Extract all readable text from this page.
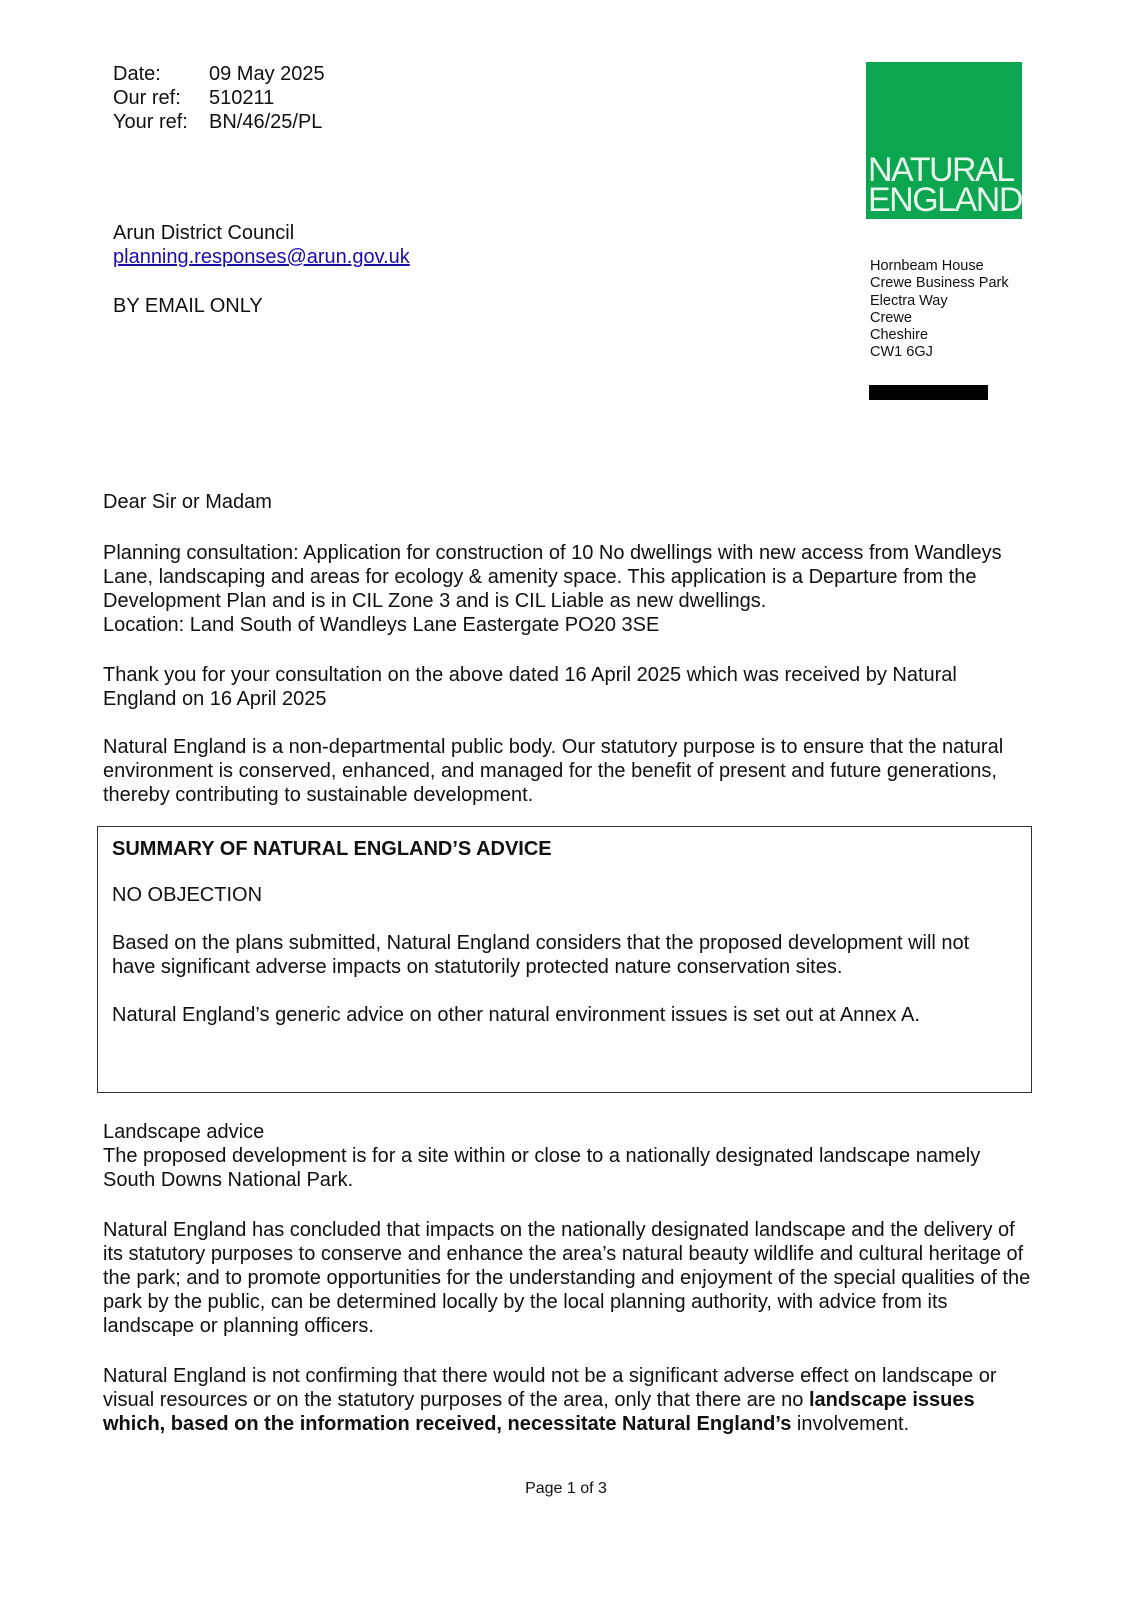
Date:	09 May 2025
Our ref:	510211
Your ref:	BN/46/25/PL
Arun District Council
planning.responses@arun.gov.uk
BY EMAIL ONLY
NATURAL
ENGLAND
Hornbeam House
Crewe Business Park
Electra Way
Crewe
Cheshire
CW1 6GJ
Dear Sir or Madam
Planning consultation: Application for construction of 10 No dwellings with new access from Wandleys Lane, landscaping and areas for ecology & amenity space. This application is a Departure from the Development Plan and is in CIL Zone 3 and is CIL Liable as new dwellings.
Location: Land South of Wandleys Lane Eastergate PO20 3SE
Thank you for your consultation on the above dated 16 April 2025 which was received by Natural England on 16 April 2025
Natural England is a non-departmental public body. Our statutory purpose is to ensure that the natural environment is conserved, enhanced, and managed for the benefit of present and future generations, thereby contributing to sustainable development.

SUMMARY OF NATURAL ENGLAND’S ADVICE

NO OBJECTION

Based on the plans submitted, Natural England considers that the proposed development will not have significant adverse impacts on statutorily protected nature conservation sites.

Natural England’s generic advice on other natural environment issues is set out at Annex A.

Landscape advice
The proposed development is for a site within or close to a nationally designated landscape namely South Downs National Park.
Natural England has concluded that impacts on the nationally designated landscape and the delivery of its statutory purposes to conserve and enhance the area’s natural beauty wildlife and cultural heritage of the park; and to promote opportunities for the understanding and enjoyment of the special qualities of the park by the public, can be determined locally by the local planning authority, with advice from its landscape or planning officers.
Natural England is not confirming that there would not be a significant adverse effect on landscape or visual resources or on the statutory purposes of the area, only that there are no landscape issues which, based on the information received, necessitate Natural England’s involvement.
Page 1 of 3
